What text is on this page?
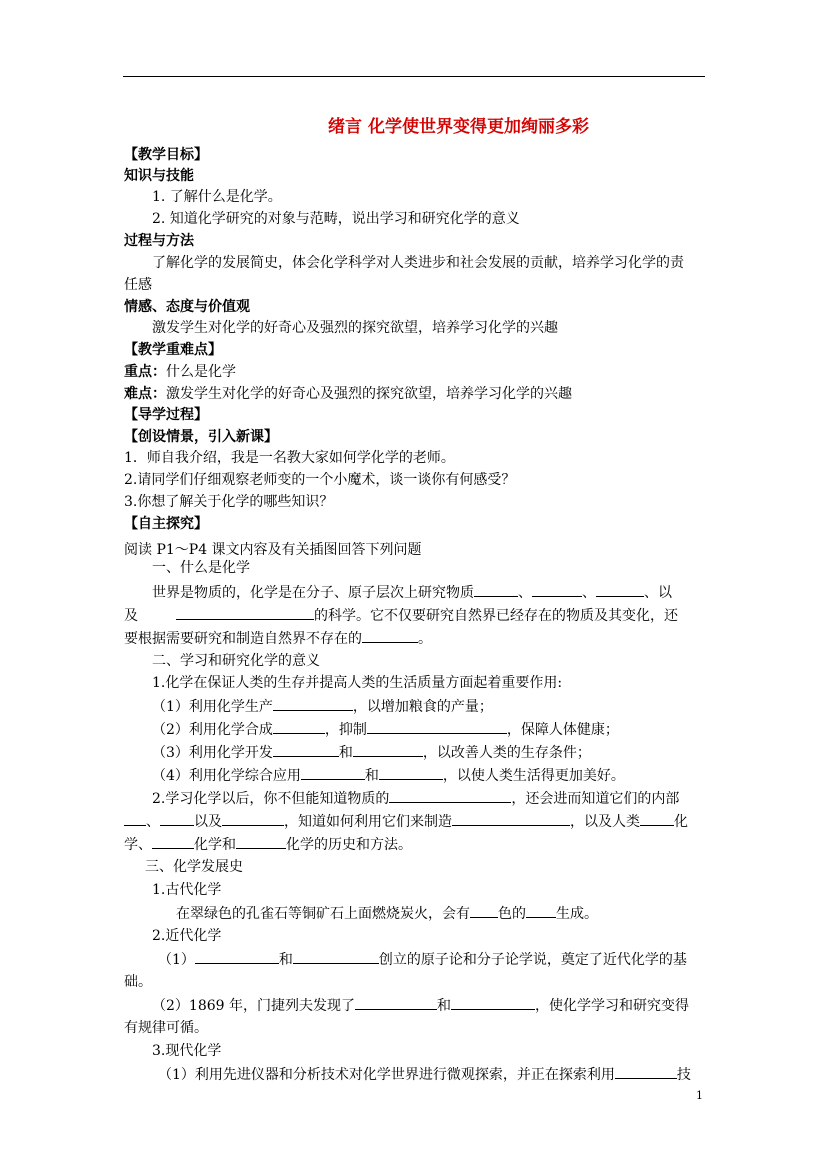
绪言 化学使世界变得更加绚丽多彩
【教学目标】
知识与技能
1. 了解什么是化学。
2. 知道化学研究的对象与范畴，说出学习和研究化学的意义
过程与方法
了解化学的发展简史，体会化学科学对人类进步和社会发展的贡献，培养学习化学的责
任感
情感、态度与价值观
激发学生对化学的好奇心及强烈的探究欲望，培养学习化学的兴趣
【教学重难点】
重点：什么是化学
难点：激发学生对化学的好奇心及强烈的探究欲望，培养学习化学的兴趣
【导学过程】
【创设情景，引入新课】
1．师自我介绍，我是一名教大家如何学化学的老师。
2.请同学们仔细观察老师变的一个小魔术，谈一谈你有何感受？
3.你想了解关于化学的哪些知识？
【自主探究】
阅读 P1～P4 课文内容及有关插图回答下列问题
一、什么是化学
世界是物质的，化学是在分子、原子层次上研究物质	、	、	、以
及	的科学。它不仅要研究自然界已经存在的物质及其变化，还
要根据需要研究和制造自然界不存在的	。
二、学习和研究化学的意义
1.化学在保证人类的生存并提高人类的生活质量方面起着重要作用:
（1）利用化学生产	，以增加粮食的产量；
（2）利用化学合成	，抑制	，保障人体健康；
（3）利用化学开发	和	，以改善人类的生存条件；
（4）利用化学综合应用	和	，以使人类生活得更加美好。
2.学习化学以后，你不但能知道物质的	，还会进而知道它们的内部
、 以及	，知道如何利用它们来制造	，以及人类 化
学、	化学和	化学的历史和方法。
三、化学发展史
1.古代化学
在翠绿色的孔雀石等铜矿石上面燃烧炭火，会有 色的 生成。
2.近代化学
（1）	和	创立的原子论和分子论学说，奠定了近代化学的基
础。
（2）1869 年，门捷列夫发现了	和	，使化学学习和研究变得
有规律可循。
3.现代化学
（1）利用先进仪器和分析技术对化学世界进行微观探索，并正在探索利用	技
1
